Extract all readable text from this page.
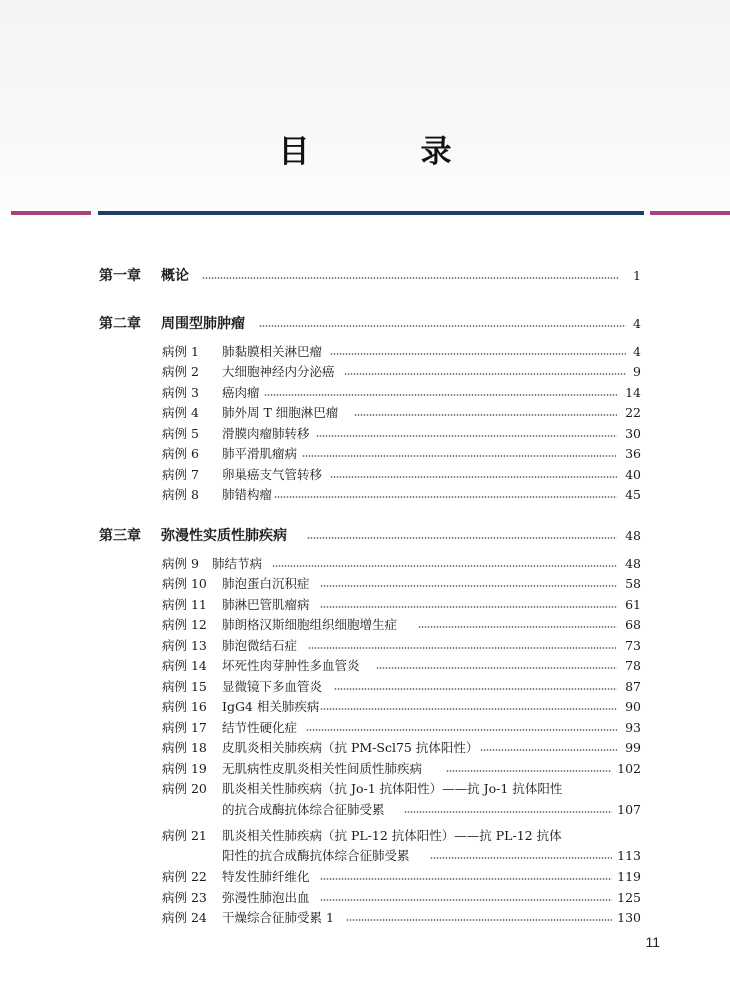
目　录
第一章 概论	1
第二章 周围型肺肿瘤	4
病例 1 肺黏膜相关淋巴瘤	4
病例 2 大细胞神经内分泌癌	9
病例 3 癌肉瘤	14
病例 4 肺外周 T 细胞淋巴瘤	22
病例 5 滑膜肉瘤肺转移	30
病例 6 肺平滑肌瘤病	36
病例 7 卵巢癌支气管转移	40
病例 8 肺错构瘤	45
第三章 弥漫性实质性肺疾病	48
病例 9 肺结节病	48
病例 10 肺泡蛋白沉积症	58
病例 11 肺淋巴管肌瘤病	61
病例 12 肺朗格汉斯细胞组织细胞增生症	68
病例 13 肺泡微结石症	73
病例 14 坏死性肉芽肿性多血管炎	78
病例 15 显微镜下多血管炎	87
病例 16 IgG4 相关肺疾病	90
病例 17 结节性硬化症	93
病例 18 皮肌炎相关肺疾病（抗 PM-Scl75 抗体阳性）	99
病例 19 无肌病性皮肌炎相关性间质性肺疾病	102
病例 20 肌炎相关性肺疾病（抗 Jo-1 抗体阳性）——抗 Jo-1 抗体阳性
的抗合成酶抗体综合征肺受累	107
病例 21 肌炎相关性肺疾病（抗 PL-12 抗体阳性）——抗 PL-12 抗体
阳性的抗合成酶抗体综合征肺受累	113
病例 22 特发性肺纤维化	119
病例 23 弥漫性肺泡出血	125
病例 24 干燥综合征肺受累 1	130
11
